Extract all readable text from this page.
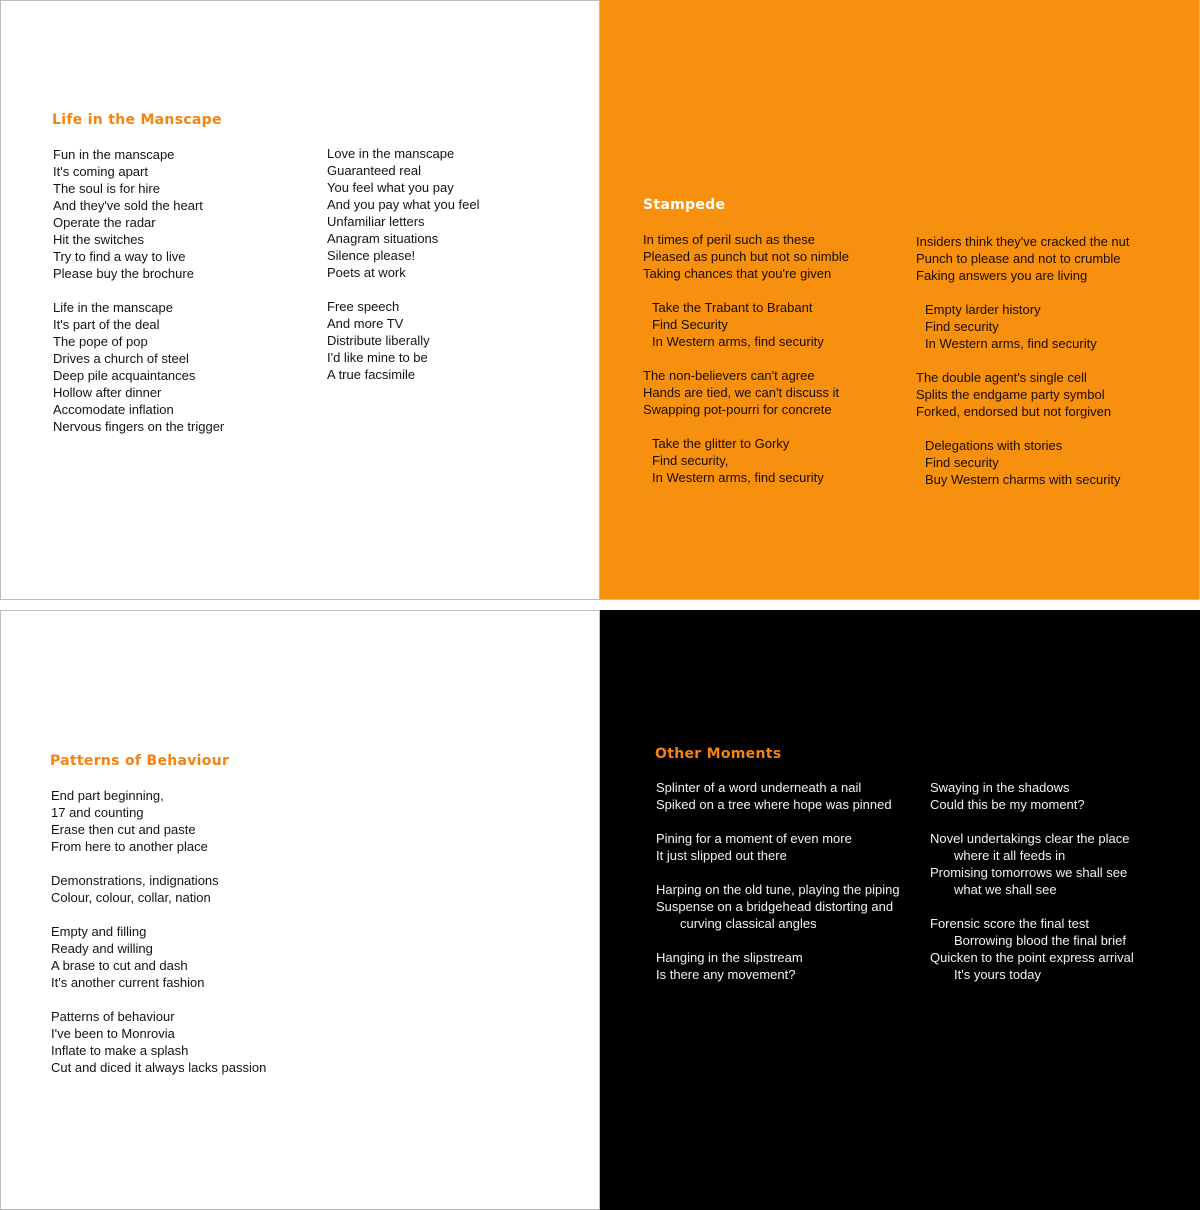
Life in the Manscape
Fun in the manscape
It's coming apart
The soul is for hire
And they've sold the heart
Operate the radar
Hit the switches
Try to find a way to live
Please buy the brochure
Life in the manscape
It's part of the deal
The pope of pop
Drives a church of steel
Deep pile acquaintances
Hollow after dinner
Accomodate inflation
Nervous fingers on the trigger
Love in the manscape
Guaranteed real
You feel what you pay
And you pay what you feel
Unfamiliar letters
Anagram situations
Silence please!
Poets at work
Free speech
And more TV
Distribute liberally
I'd like mine to be
A true facsimile
Stampede
In times of peril such as these
Pleased as punch but not so nimble
Taking chances that you're given
Take the Trabant to Brabant
Find Security
In Western arms, find security
The non-believers can't agree
Hands are tied, we can't discuss it
Swapping pot-pourri for concrete
Take the glitter to Gorky
Find security,
In Western arms, find security
Insiders think they've cracked the nut
Punch to please and not to crumble
Faking answers you are living
Empty larder history
Find security
In Western arms, find security
The double agent's single cell
Splits the endgame party symbol
Forked, endorsed but not forgiven
Delegations with stories
Find security
Buy Western charms with security
Patterns of Behaviour
End part beginning,
17 and counting
Erase then cut and paste
From here to another place
Demonstrations, indignations
Colour, colour, collar, nation
Empty and filling
Ready and willing
A brase to cut and dash
It's another current fashion
Patterns of behaviour
I've been to Monrovia
Inflate to make a splash
Cut and diced it always lacks passion
Other Moments
Splinter of a word underneath a nail
Spiked on a tree where hope was pinned
Pining for a moment of even more
It just slipped out there
Harping on the old tune, playing the piping
Suspense on a bridgehead distorting and
curving classical angles
Hanging in the slipstream
Is there any movement?
Swaying in the shadows
Could this be my moment?
Novel undertakings clear the place
where it all feeds in
Promising tomorrows we shall see
what we shall see
Forensic score the final test
Borrowing blood the final brief
Quicken to the point express arrival
It's yours today
